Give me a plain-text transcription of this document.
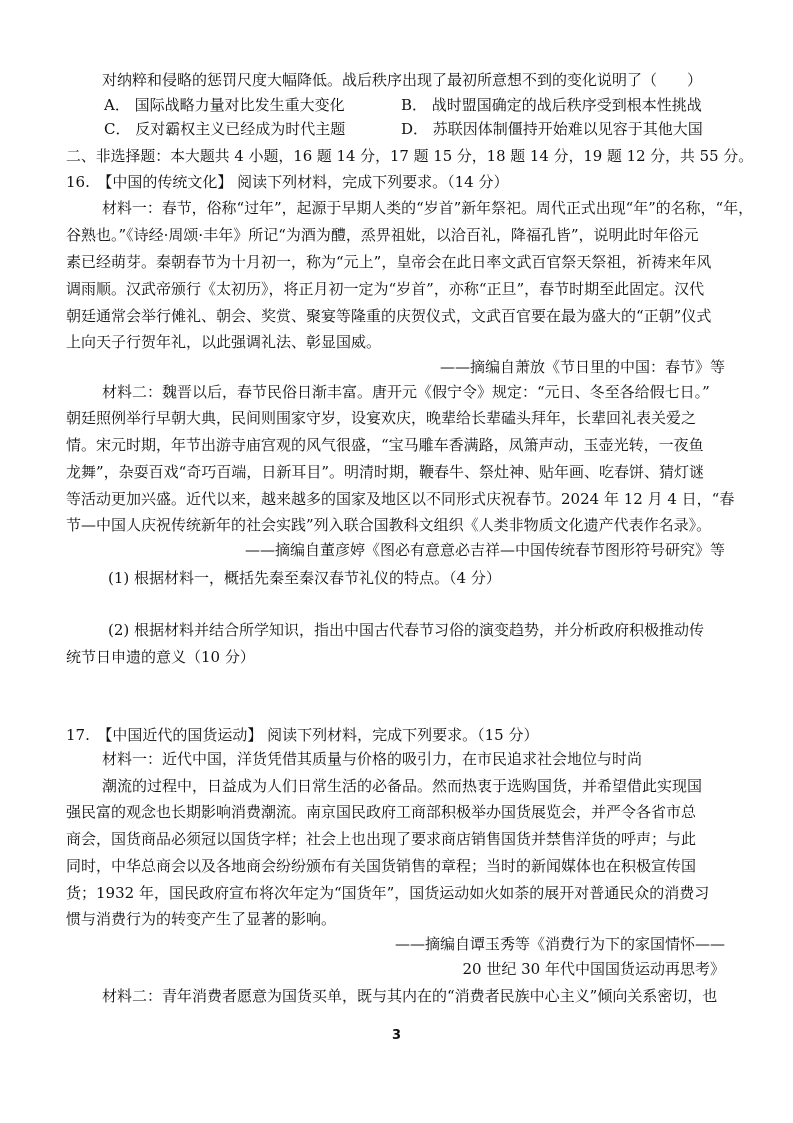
对纳粹和侵略的惩罚尺度大幅降低。战后秩序出现了最初所意想不到的变化说明了（　　）
A． 国际战略力量对比发生重大变化	B． 战时盟国确定的战后秩序受到根本性挑战
C． 反对霸权主义已经成为时代主题	D． 苏联因体制僵持开始难以见容于其他大国
二、非选择题：本大题共 4 小题，16 题 14 分，17 题 15 分，18 题 14 分，19 题 12 分，共 55 分。
16.　【中国的传统文化】 阅读下列材料，完成下列要求。（14 分）
材料一：春节，俗称“过年”，起源于早期人类的“岁首”新年祭祀。周代正式出现“年”的名称，“年，
谷熟也。”《诗经·周颂·丰年》所记“为酒为醴，烝畀祖妣，以洽百礼，降福孔皆”，说明此时年俗元
素已经萌芽。秦朝春节为十月初一，称为“元上”，皇帝会在此日率文武百官祭天祭祖，祈祷来年风
调雨顺。汉武帝颁行《太初历》，将正月初一定为“岁首”，亦称“正旦”，春节时期至此固定。汉代
朝廷通常会举行傩礼、朝会、奖赏、聚宴等隆重的庆贺仪式，文武百官要在最为盛大的“正朝”仪式
上向天子行贺年礼，以此强调礼法、彰显国威。
——摘编自萧放《节日里的中国：春节》等
材料二：魏晋以后，春节民俗日渐丰富。唐开元《假宁令》规定：“元日、冬至各给假七日。”
朝廷照例举行早朝大典，民间则围家守岁，设宴欢庆，晚辈给长辈磕头拜年，长辈回礼表关爱之
情。宋元时期，年节出游寺庙宫观的风气很盛，“宝马雕车香满路，凤箫声动，玉壶光转，一夜鱼
龙舞”，杂耍百戏“奇巧百端，日新耳目”。明清时期，鞭春牛、祭灶神、贴年画、吃春饼、猜灯谜
等活动更加兴盛。近代以来，越来越多的国家及地区以不同形式庆祝春节。2024 年 12 月 4 日，“春
节—中国人庆祝传统新年的社会实践”列入联合国教科文组织《人类非物质文化遗产代表作名录》。
——摘编自董彦婷《图必有意意必吉祥—中国传统春节图形符号研究》等
(1) 根据材料一，概括先秦至秦汉春节礼仪的特点。（4 分）
(2) 根据材料并结合所学知识，指出中国古代春节习俗的演变趋势，并分析政府积极推动传
统节日申遗的意义（10 分）
17.　【中国近代的国货运动】 阅读下列材料，完成下列要求。（15 分）
材料一：近代中国，洋货凭借其质量与价格的吸引力，在市民追求社会地位与时尚
潮流的过程中，日益成为人们日常生活的必备品。然而热衷于选购国货，并希望借此实现国
强民富的观念也长期影响消费潮流。南京国民政府工商部积极举办国货展览会，并严令各省市总
商会，国货商品必须冠以国货字样；社会上也出现了要求商店销售国货并禁售洋货的呼声；与此
同时，中华总商会以及各地商会纷纷颁布有关国货销售的章程；当时的新闻媒体也在积极宣传国
货；1932 年，国民政府宣布将次年定为“国货年”，国货运动如火如荼的展开对普通民众的消费习
惯与消费行为的转变产生了显著的影响。
——摘编自谭玉秀等《消费行为下的家国情怀——
20 世纪 30 年代中国国货运动再思考》
材料二：青年消费者愿意为国货买单，既与其内在的“消费者民族中心主义”倾向关系密切，也
3
